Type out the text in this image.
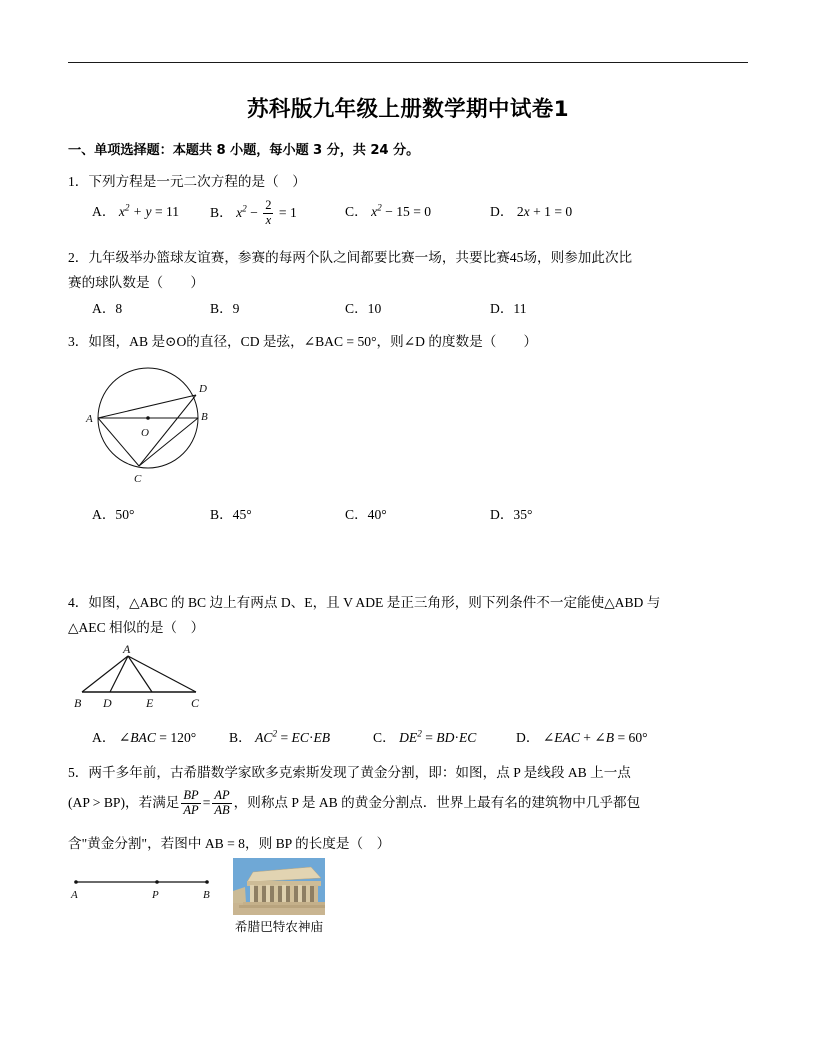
苏科版九年级上册数学期中试卷1
一、单项选择题：本题共 8 小题，每小题 3 分，共 24 分。
1．下列方程是一元二次方程的是（　）
A． $x^2 + y = 11$ B． $x^2 - \frac{2}{x} = 1$	C． $x^2 - 15 = 0$	D． 2x + 1 = 0
2．九年级举办篮球友谊赛，参赛的每两个队之间都要比赛一场，共要比赛45场，则参加此次比
赛的球队数是（　　）
A．8	B．9	C．10	D．11
3．如图，AB 是⊙O的直径，CD 是弦，∠BAC = 50°，则∠D 的度数是（　　）
A	B
C
D
O
A．50°	B．45°	C．40°	D．35°
4．如图，△ABC 的 BC 边上有两点 D、E，且 V ADE 是正三角形，则下列条件不一定能使△ABD 与
△AEC 相似的是（　）
A
B D	E	C
A． ∠BAC = 120° B． $AC^2 = EC\cdot EB$	C． $DE^2 = BD\cdot EC$	D． ∠EAC + ∠B = 60°
5．两千多年前，古希腊数学家欧多克索斯发现了黄金分割，即：如图，点 P 是线段 AB 上一点
(AP > BP)，若满足 $\frac{BP}{AP} = \frac{AP}{AB}$ ，则称点 P 是 AB 的黄金分割点．世界上最有名的建筑物中几乎都包
含"黄金分割"，若图中 AB = 8，则 BP 的长度是（　）
A	P	B
希腊巴特农神庙
